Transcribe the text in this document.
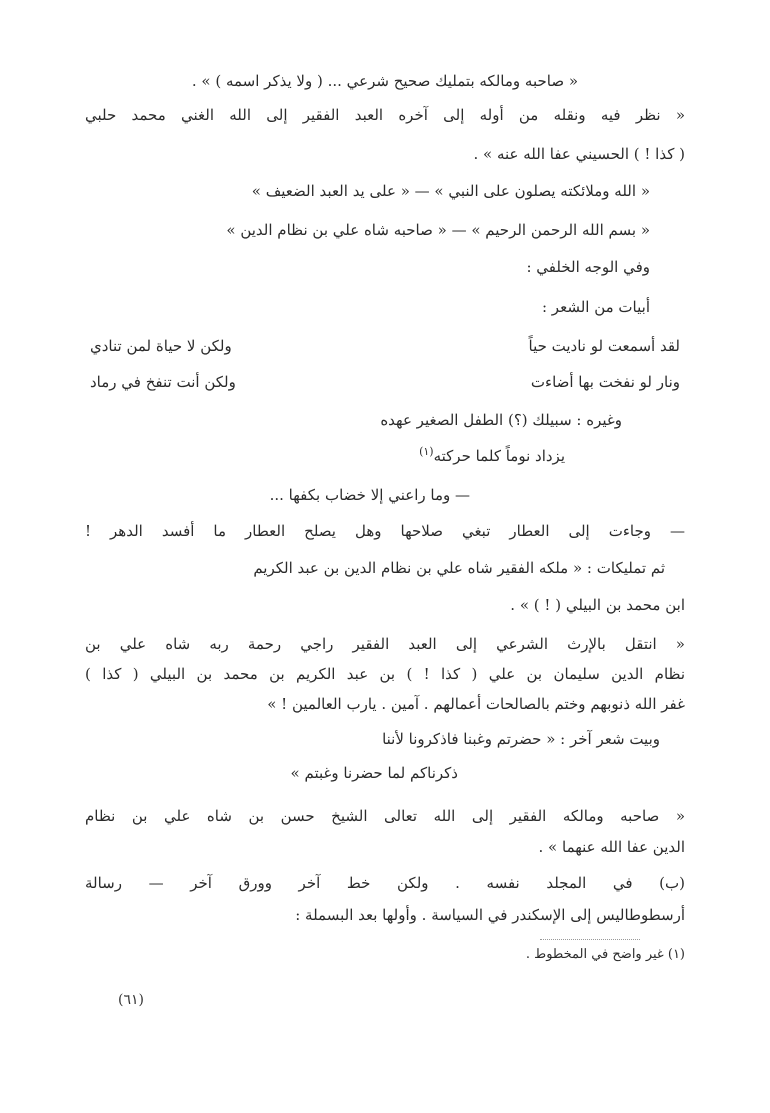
« صاحبه ومالكه بتمليك صحيح شرعي ... ( ولا يذكر اسمه ) » .
« نظر فيه ونقله من أوله إلى آخره العبد الفقير إلى الله الغني محمد حلبي
( كذا ! ) الحسيني عفا الله عنه » .
« الله وملائكته يصلون على النبي » — « على يد العبد الضعيف »
« بسم الله الرحمن الرحيم » — « صاحبه شاه علي بن نظام الدين »
وفي الوجه الخلفي :
أبيات من الشعر :
لقد أسمعت لو ناديت حياً
ولكن لا حياة لمن تنادي
ونار لو نفخت بها أضاءت
ولكن أنت تنفخ في رماد
وغيره : سبيلك (؟) الطفل الصغير عهده
يزداد نوماً كلما حركته$^{(١)}$
— وما راعني إلا خضاب بكفها ...
— وجاءت إلى العطار تبغي صلاحها وهل يصلح العطار ما أفسد الدهر !
ثم تمليكات : « ملكه الفقير شاه علي بن نظام الدين بن عبد الكريم
ابن محمد بن البيلي ( ! ) » .
« انتقل بالإرث الشرعي إلى العبد الفقير راجي رحمة ربه شاه علي بن
نظام الدين سليمان بن علي ( كذا ! ) بن عبد الكريم بن محمد بن البيلي ( كذا )
غفر الله ذنوبهم وختم بالصالحات أعمالهم . آمين . يارب العالمين ! »
وبيت شعر آخر : « حضرتم وغبنا فاذكرونا لأننا
ذكرناكم لما حضرنا وغبتم »
« صاحبه ومالكه الفقير إلى الله تعالى الشيخ حسن بن شاه علي بن نظام
الدين عفا الله عنهما » .
(ب) في المجلد نفسه . ولكن خط آخر وورق آخر — رسالة
أرسطوطاليس إلى الإسكندر في السياسة . وأولها بعد البسملة :
(١) غير واضح في المخطوط .
(٦١)
